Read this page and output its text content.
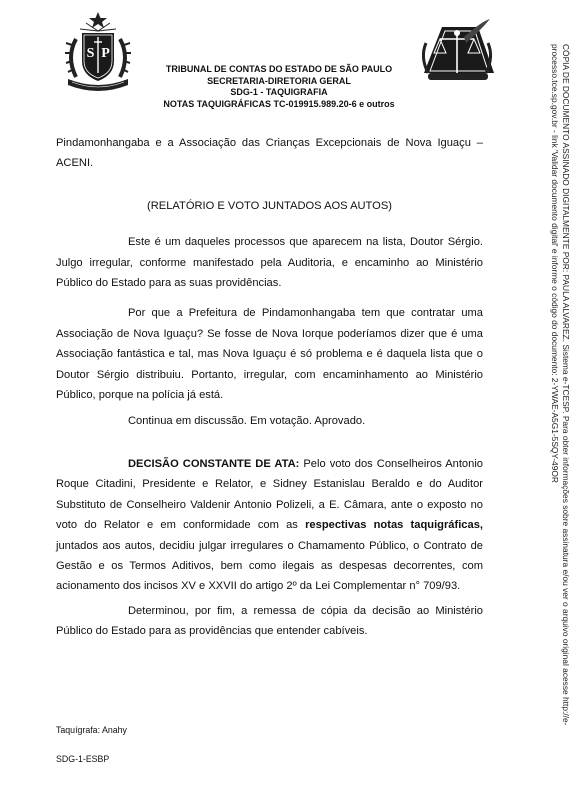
S P
TRIBUNAL DE CONTAS DO ESTADO DE SÃO PAULO
SECRETARIA-DIRETORIA GERAL
SDG-1 - TAQUIGRAFIA
NOTAS TAQUIGRÁFICAS TC-019915.989.20-6 e outros	CÓPIA DE DOCUMENTO ASSINADO DIGITALMENTE POR: PAULA ALVAREZ. Sistema e-TCESP. Para obter informações sobre assinatura e/ou ver o arquivo original acesse http://e-
processo.tce.sp.gov.br - link 'Validar documento digital' e informe o código do documento: 2-YWAE-A5G1-5SQY-49OR

Pindamonhangaba e a Associação das Crianças Excepcionais de Nova Iguaçu – ACENI.

(RELATÓRIO E VOTO JUNTADOS AOS AUTOS)

Este é um daqueles processos que aparecem na lista, Doutor Sérgio. Julgo irregular, conforme manifestado pela Auditoria, e encaminho ao Ministério Público do Estado para as suas providências.

Por que a Prefeitura de Pindamonhangaba tem que contratar uma Associação de Nova Iguaçu? Se fosse de Nova Iorque poderíamos dizer que é uma Associação fantástica e tal, mas Nova Iguaçu é só problema e é daquela lista que o Doutor Sérgio distribuiu. Portanto, irregular, com encaminhamento ao Ministério Público, porque na polícia já está.

Continua em discussão. Em votação. Aprovado.

DECISÃO CONSTANTE DE ATA: Pelo voto dos Conselheiros Antonio Roque Citadini, Presidente e Relator, e Sidney Estanislau Beraldo e do Auditor Substituto de Conselheiro Valdenir Antonio Polizeli, a E. Câmara, ante o exposto no voto do Relator e em conformidade com as respectivas notas taquigráficas, juntados aos autos, decidiu julgar irregulares o Chamamento Público, o Contrato de Gestão e os Termos Aditivos, bem como ilegais as despesas decorrentes, com acionamento dos incisos XV e XXVII do artigo 2º da Lei Complementar n° 709/93.

Determinou, por fim, a remessa de cópia da decisão ao Ministério Público do Estado para as providências que entender cabíveis.

Taquígrafa: Anahy
SDG-1-ESBP
